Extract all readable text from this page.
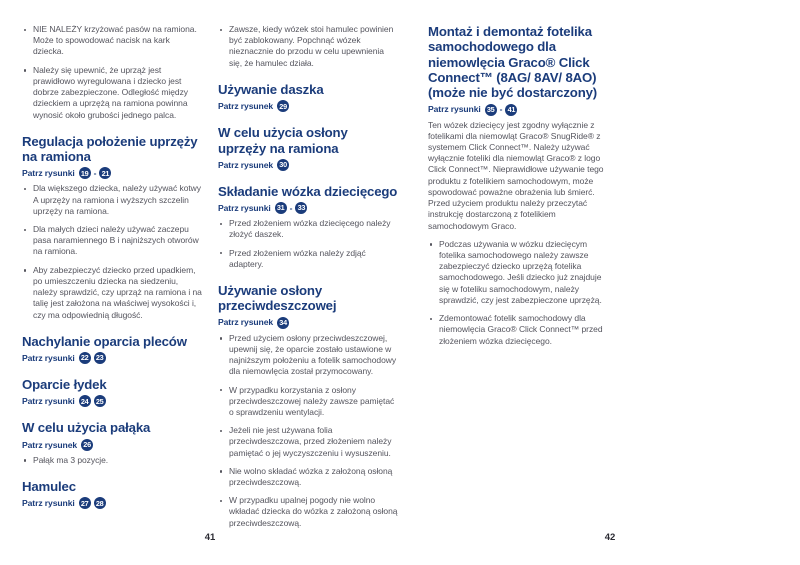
NIE NALEŻY krzyżować pasów na ramiona. Może to spowodować nacisk na kark dziecka.
Należy się upewnić, że uprząż jest prawidłowo wyregulowana i dziecko jest dobrze zabezpieczone. Odległość między dzieckiem a uprzężą na ramiona powinna wynosić około grubości jednego palca.
Regulacja położenie uprzęży na ramiona
Patrz rysunki 19 - 21
Dla większego dziecka, należy używać kotwy A uprzęży na ramiona i wyższych szczelin uprzęży na ramiona.
Dla małych dzieci należy używać zaczepu pasa naramiennego B i najniższych otworów na ramiona.
Aby zabezpieczyć dziecko przed upadkiem, po umieszczeniu dziecka na siedzeniu, należy sprawdzić, czy uprząż na ramiona i na talię jest założona na właściwej wysokości i, czy ma odpowiednią długość.
Nachylanie oparcia pleców
Patrz rysunki 22 23
Oparcie łydek
Patrz rysunki 24 25
W celu użycia pałąka
Patrz rysunek 26
Pałąk ma 3 pozycje.
Hamulec
Patrz rysunki 27 28
Zawsze, kiedy wózek stoi hamulec powinien być zablokowany. Popchnąć wózek nieznacznie do przodu w celu upewnienia się, że hamulec działa.
Używanie daszka
Patrz rysunek 29
W celu użycia osłony uprzęży na ramiona
Patrz rysunek 30
Składanie wózka dziecięcego
Patrz rysunki 31 - 33
Przed złożeniem wózka dziecięcego należy złożyć daszek.
Przed złożeniem wózka należy zdjąć adaptery.
Używanie osłony przeciwdeszczowej
Patrz rysunek 34
Przed użyciem osłony przeciwdeszczowej, upewnij się, że oparcie zostało ustawione w najniższym położeniu a fotelik samochodowy dla niemowlęcia został przymocowany.
W przypadku korzystania z osłony przeciwdeszczowej należy zawsze pamiętać o sprawdzeniu wentylacji.
Jeżeli nie jest używana folia przeciwdeszczowa, przed złożeniem należy pamiętać o jej wyczyszczeniu i wysuszeniu.
Nie wolno składać wózka z założoną osłoną przeciwdeszczową.
W przypadku upalnej pogody nie wolno wkładać dziecka do wózka z założoną osłoną przeciwdeszczową.
41
Montaż i demontaż fotelika samochodowego dla niemowlęcia Graco® Click Connect™ (8AG/ 8AV/ 8AO) (może nie być dostarczony)
Patrz rysunki 35 - 41

Ten wózek dziecięcy jest zgodny wyłącznie z fotelikami dla niemowląt Graco® SnugRide® z systemem Click Connect™. Należy używać wyłącznie foteliki dla niemowląt Graco® z logo Click Connect™. Nieprawidłowe używanie tego produktu z fotelikiem samochodowym, może spowodować poważne obrażenia lub śmierć. Przed użyciem produktu należy przeczytać instrukcję dostarczoną z fotelikiem samochodowym Graco.

Podczas używania w wózku dziecięcym fotelika samochodowego należy zawsze zabezpieczyć dziecko uprzężą fotelika samochodowego. Jeśli dziecko już znajduje się w foteliku samochodowym, należy sprawdzić, czy jest zabezpieczone uprzężą.
Zdemontować fotelik samochodowy dla niemowlęcia Graco® Click Connect™ przed złożeniem wózka dziecięcego.
42
